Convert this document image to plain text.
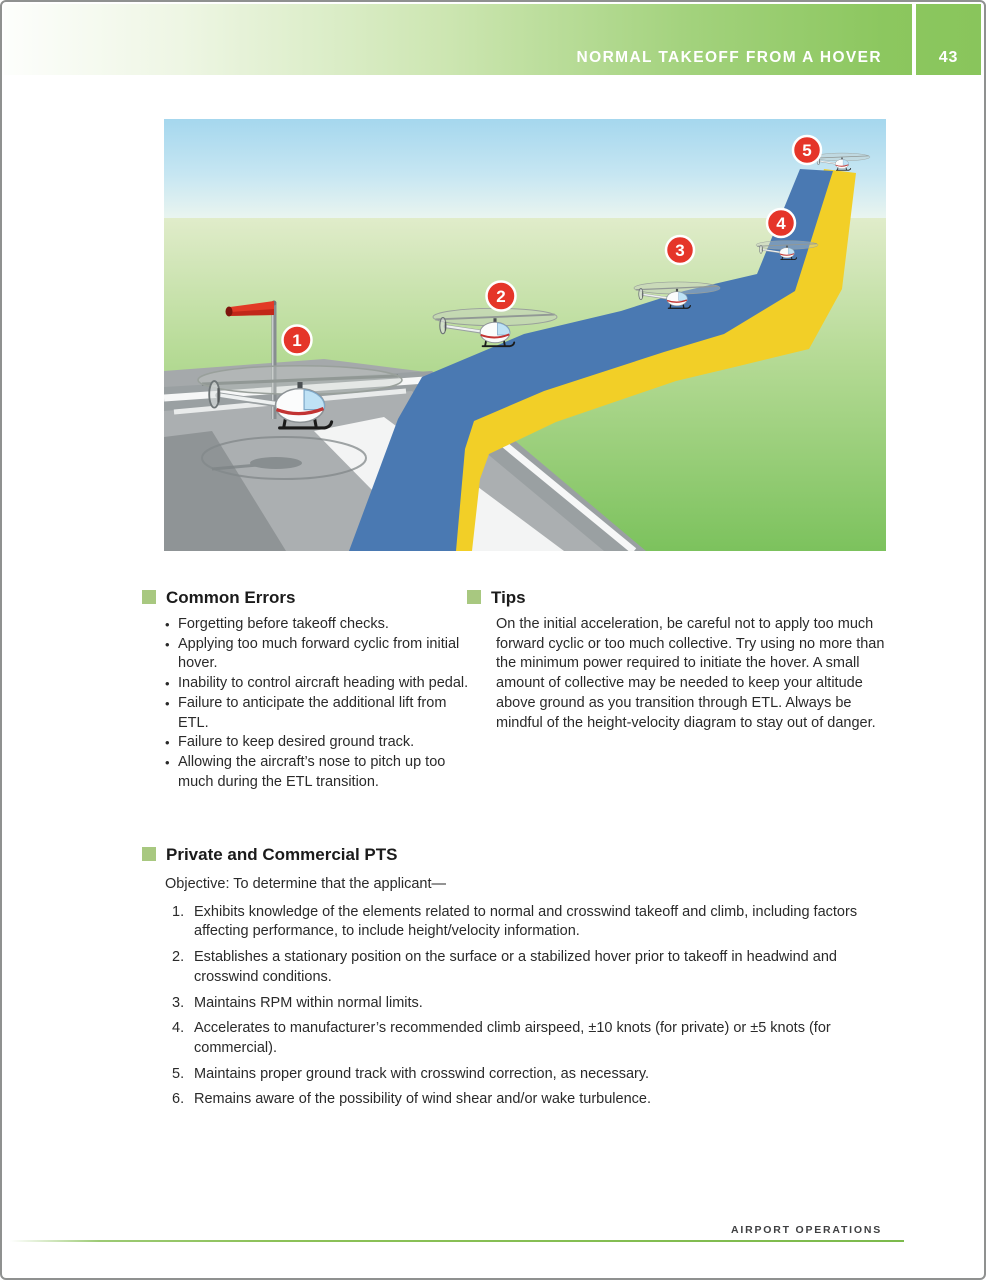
NORMAL TAKEOFF FROM A HOVER	43
1
2
3
4
5
Common Errors
• Forgetting before takeoff checks.
• Applying too much forward cyclic from initial hover.
• Inability to control aircraft heading with pedal.
• Failure to anticipate the additional lift from ETL.
• Failure to keep desired ground track.
• Allowing the aircraft’s nose to pitch up too much during the ETL transition.
Tips

On the initial acceleration, be careful not to apply too much forward cyclic or too much collective. Try using no more than the minimum power required to initiate the hover. A small amount of collective may be needed to keep your altitude above ground as you transition through ETL. Always be mindful of the height-velocity diagram to stay out of danger.

Private and Commercial PTS

Objective: To determine that the applicant—

1. Exhibits knowledge of the elements related to normal and crosswind takeoff and climb, including factors affecting performance, to include height/velocity information.
2. Establishes a stationary position on the surface or a stabilized hover prior to takeoff in headwind and crosswind conditions.
3. Maintains RPM within normal limits.
4. Accelerates to manufacturer’s recommended climb airspeed, ±10 knots (for private) or ±5 knots (for commercial).
5. Maintains proper ground track with crosswind correction, as necessary.
6. Remains aware of the possibility of wind shear and/or wake turbulence.
AIRPORT OPERATIONS
